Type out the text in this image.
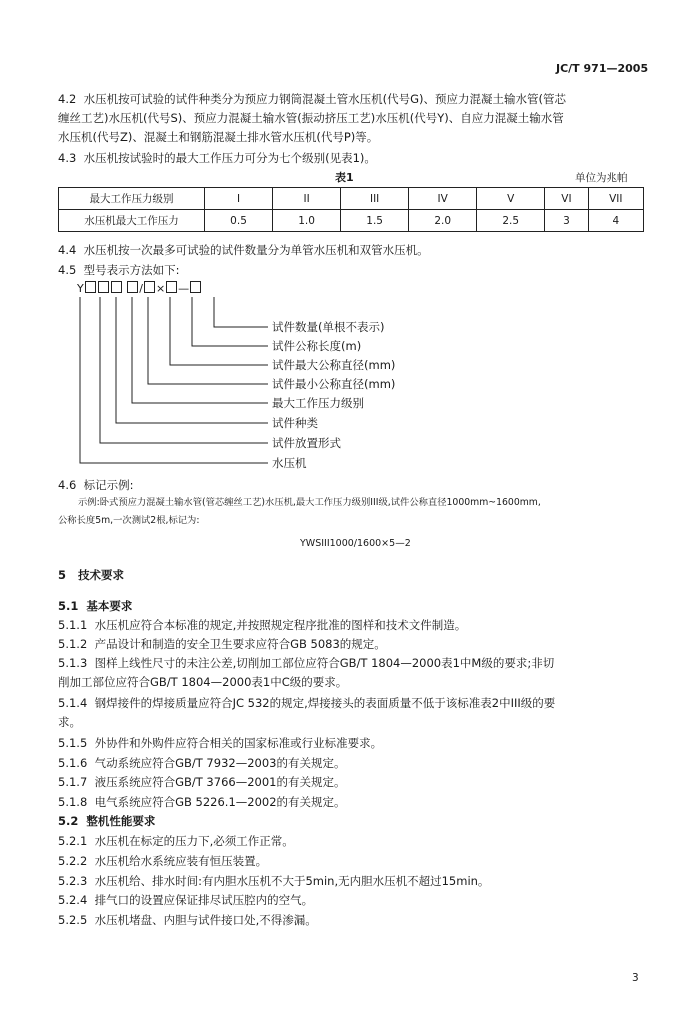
JC/T 971—2005
4.2 水压机按可试验的试件种类分为预应力钢筒混凝土管水压机(代号G)、预应力混凝土输水管(管芯
缠丝工艺)水压机(代号S)、预应力混凝土输水管(振动挤压工艺)水压机(代号Y)、自应力混凝土输水管
水压机(代号Z)、混凝土和钢筋混凝土排水管水压机(代号P)等。
4.3 水压机按试验时的最大工作压力可分为七个级别(见表1)。
表1	单位为兆帕
最大工作压力级别	I	II	III	IV	V	VI	VII
水压机最大工作压力	0.5	1.0	1.5	2.0	2.5	3	4
4.4 水压机按一次最多可试验的试件数量分为单管水压机和双管水压机。
4.5 型号表示方法如下:
Y	/ × —
试件数量(单根不表示)
试件公称长度(m)
试件最大公称直径(mm)
试件最小公称直径(mm)
最大工作压力级别
试件种类
试件放置形式
水压机
4.6 标记示例:
示例:卧式预应力混凝土输水管(管芯缠丝工艺)水压机,最大工作压力级别III级,试件公称直径1000mm~1600mm,
公称长度5m,一次测试2根,标记为:
YWSIII1000/1600×5—2
5 技术要求
5.1 基本要求
5.1.1 水压机应符合本标准的规定,并按照规定程序批准的图样和技术文件制造。
5.1.2 产品设计和制造的安全卫生要求应符合GB 5083的规定。
5.1.3 图样上线性尺寸的未注公差,切削加工部位应符合GB/T 1804—2000表1中M级的要求;非切
削加工部位应符合GB/T 1804—2000表1中C级的要求。
5.1.4 钢焊接件的焊接质量应符合JC 532的规定,焊接接头的表面质量不低于该标准表2中III级的要
求。
5.1.5 外协件和外购件应符合相关的国家标准或行业标准要求。
5.1.6 气动系统应符合GB/T 7932—2003的有关规定。
5.1.7 液压系统应符合GB/T 3766—2001的有关规定。
5.1.8 电气系统应符合GB 5226.1—2002的有关规定。
5.2 整机性能要求
5.2.1 水压机在标定的压力下,必须工作正常。
5.2.2 水压机给水系统应装有恒压装置。
5.2.3 水压机给、排水时间:有内胆水压机不大于5min,无内胆水压机不超过15min。
5.2.4 排气口的设置应保证排尽试压腔内的空气。
5.2.5 水压机堵盘、内胆与试件接口处,不得渗漏。
3
